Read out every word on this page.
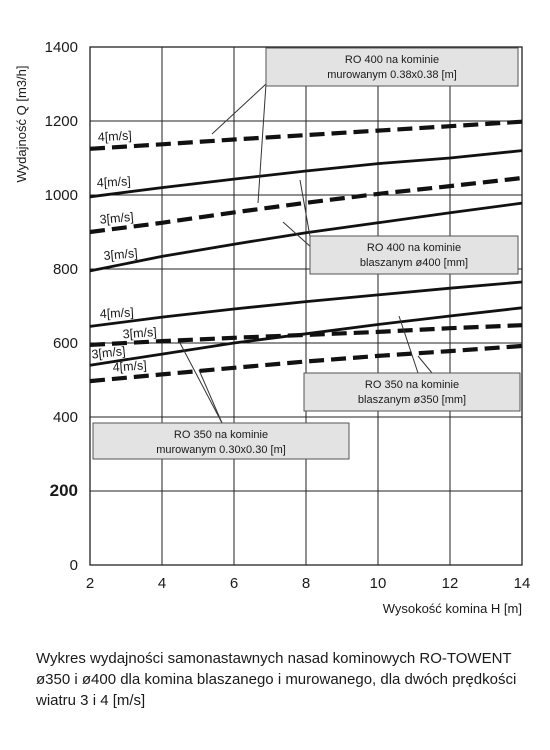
0
200
400
600
800
1000
1200
1400
2	4	6	8	10	12	14
4[m/s]
4[m/s]
3[m/s]
3[m/s]
4[m/s]
3[m/s]
3[m/s]
4[m/s]
RO 400 na kominie
murowanym 0.38x0.38 [m]
RO 400 na kominie
blaszanym ø400 [mm]
RO 350 na kominie
blaszanym ø350 [mm]
RO 350 na kominie
murowanym 0.30x0.30 [m]
Wysokość komina H [m]
Wydajność Q [m3/h]

Wykres wydajności samonastawnych nasad kominowych RO-TOWENT ø350 i ø400 dla komina blaszanego i murowanego, dla dwóch prędkości wiatru 3 i 4 [m/s]
